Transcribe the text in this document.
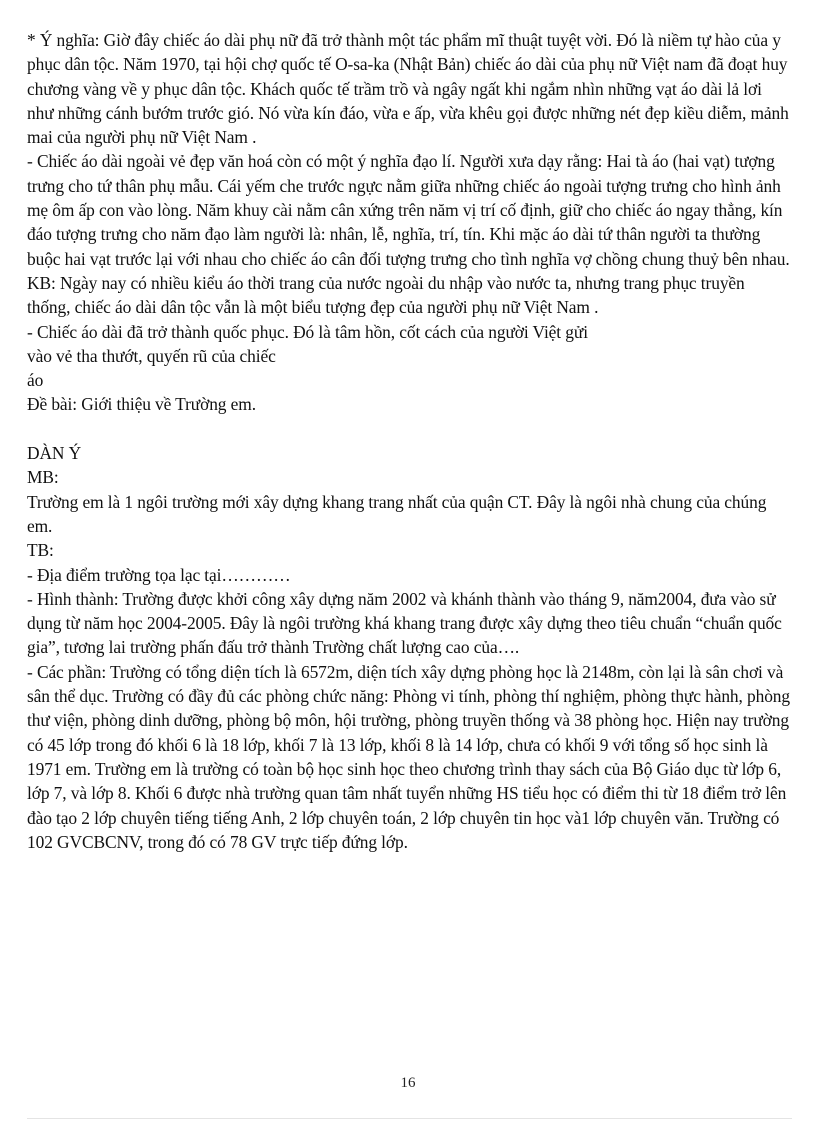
* Ý nghĩa: Giờ đây chiếc áo dài phụ nữ đã trở thành một tác phẩm mĩ thuật tuyệt vời. Đó là niềm tự hào của y phục dân tộc. Năm 1970, tại hội chợ quốc tế O-sa-ka (Nhật Bản) chiếc áo dài của phụ nữ Việt nam đã đoạt huy chương vàng về y phục dân tộc. Khách quốc tế trầm trồ và ngây ngất khi ngắm nhìn những vạt áo dài lả lơi như những cánh bướm trước gió. Nó vừa kín đáo, vừa e ấp, vừa khêu gọi được những nét đẹp kiều diễm, mảnh mai của người phụ nữ Việt Nam .

- Chiếc áo dài ngoài vẻ đẹp văn hoá còn có một ý nghĩa đạo lí. Người xưa dạy rằng: Hai tà áo (hai vạt) tượng trưng cho tứ thân phụ mẫu. Cái yếm che trước ngực nằm giữa những chiếc áo ngoài tượng trưng cho hình ảnh mẹ ôm ấp con vào lòng. Năm khuy cài nằm cân xứng trên năm vị trí cố định, giữ cho chiếc áo ngay thẳng, kín đáo tượng trưng cho năm đạo làm người là: nhân, lễ, nghĩa, trí, tín. Khi mặc áo dài tứ thân người ta thường buộc hai vạt trước lại với nhau cho chiếc áo cân đối tượng trưng cho tình nghĩa vợ chồng chung thuỷ bên nhau.

KB: Ngày nay có nhiều kiểu áo thời trang của nước ngoài du nhập vào nước ta, nhưng trang phục truyền thống, chiếc áo dài dân tộc vẫn là một biểu tượng đẹp của người phụ nữ Việt Nam .

- Chiếc áo dài đã trở thành quốc phục. Đó là tâm hồn, cốt cách của người Việt gửi

vào vẻ tha thướt, quyến rũ của chiếc

áo

Đề bài: Giới thiệu về Trường em.

DÀN Ý

MB:

Trường em là 1 ngôi trường mới xây dựng khang trang nhất của quận CT. Đây là ngôi nhà chung của chúng em.

TB:

- Địa điểm trường tọa lạc tại…………

- Hình thành: Trường được khởi công xây dựng năm 2002 và khánh thành vào tháng 9, năm2004, đưa vào sử dụng từ năm học 2004-2005. Đây là ngôi trường khá khang trang được xây dựng theo tiêu chuẩn “chuẩn quốc gia”, tương lai trường phấn đấu trở thành Trường chất lượng cao của….

- Các phần: Trường có tổng diện tích là 6572m, diện tích xây dựng phòng học là 2148m, còn lại là sân chơi và sân thể dục. Trường có đầy đủ các phòng chức năng: Phòng vi tính, phòng thí nghiệm, phòng thực hành, phòng thư viện, phòng dinh dưỡng, phòng bộ môn, hội trường, phòng truyền thống và 38 phòng học. Hiện nay trường có 45 lớp trong đó khối 6 là 18 lớp, khối 7 là 13 lớp, khối 8 là 14 lớp, chưa có khối 9 với tổng số học sinh là 1971 em. Trường em là trường có toàn bộ học sinh học theo chương trình thay sách của Bộ Giáo dục từ lớp 6, lớp 7, và lớp 8. Khối 6 được nhà trường quan tâm nhất tuyển những HS tiểu học có điểm thi từ 18 điểm trở lên đào tạo 2 lớp chuyên tiếng tiếng Anh, 2 lớp chuyên toán, 2 lớp chuyên tin học và1 lớp chuyên văn. Trường có 102 GVCBCNV, trong đó có 78 GV trực tiếp đứng lớp.

16
